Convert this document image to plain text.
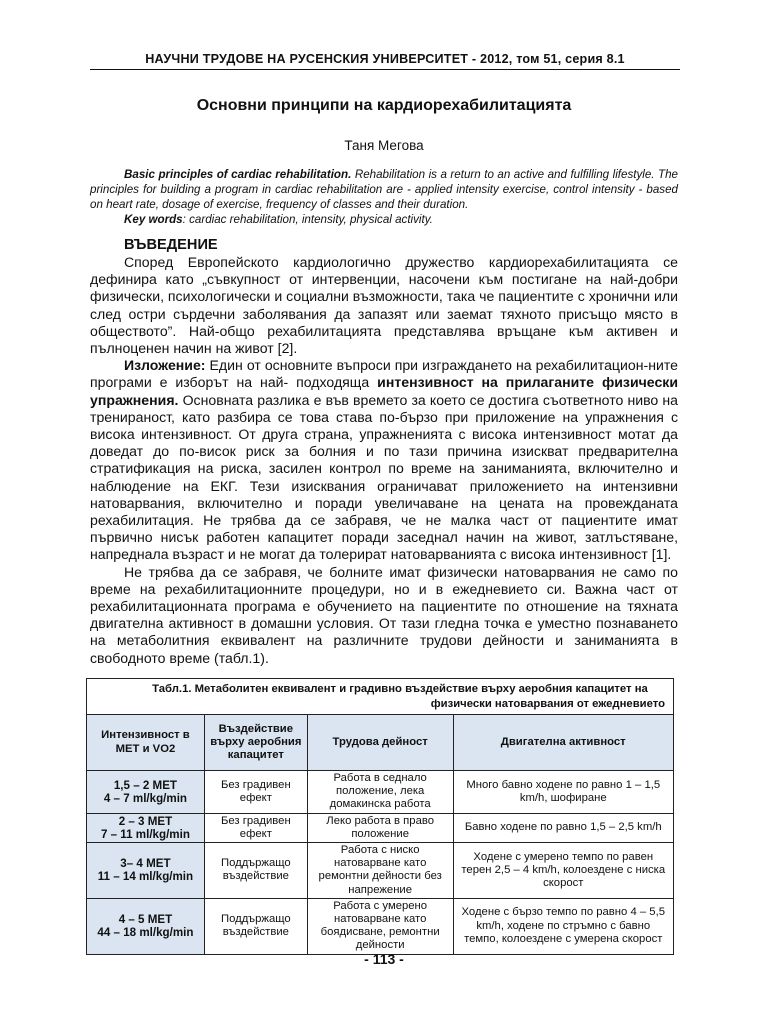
НАУЧНИ ТРУДОВЕ НА РУСЕНСКИЯ УНИВЕРСИТЕТ - 2012, том 51, серия 8.1
Основни принципи на кардиорехабилитацията
Таня Мегова

Basic principles of cardiac rehabilitation. Rehabilitation is a return to an active and fulfilling lifestyle. The principles for building a program in cardiac rehabilitation are - applied intensity exercise, control intensity - based on heart rate, dosage of exercise, frequency of classes and their duration.

Key words: cardiac rehabilitation, intensity, physical activity.

ВЪВЕДЕНИЕ

Според Европейското кардиологично дружество кардиорехабилитацията се дефинира като „съвкупност от интервенции, насочени към постигане на най-добри физически, психологически и социални възможности, така че пациентите с хронични или след остри сърдечни заболявания да запазят или заемат тяхното присъщо място в обществото”. Най-общо рехабилитацията представлява връщане към активен и пълноценен начин на живот [2].

Изложение: Един от основните въпроси при изграждането на рехабилитацион-ните програми е изборът на най- подходяща интензивност на прилаганите физически упражнения. Основната разлика е във времето за което се достига съответното ниво на тренираност, като разбира се това става по-бързо при приложение на упражнения с висока интензивност. От друга страна, упражненията с висока интензивност мотат да доведат до по-висок риск за болния и по тази причина изискват предварителна стратификация на риска, засилен контрол по време на заниманията, включително и наблюдение на ЕКГ. Тези изисквания ограничават приложението на интензивни натоварвания, включително и поради увеличаване на цената на провежданата рехабилитация. Не трябва да се забравя, че не малка част от пациентите имат първично нисък работен капацитет поради заседнал начин на живот, затлъстяване, напреднала възраст и не могат да толерират натоварванията с висока интензивност [1].

Не трябва да се забравя, че болните имат физически натоварвания не само по време на рехабилитационните процедури, но и в ежедневието си. Важна част от рехабилитационната програма е обучението на пациентите по отношение на тяхната двигателна активност в домашни условия. От тази гледна точка е уместно познаването на метаболитния еквивалент на различните трудови дейности и заниманията в свободното време (табл.1).

Табл.1. Метаболитен еквивалент и градивно въздействие върху аеробния капацитет на
физически натоварвания от ежедневието			
Интензивност в МЕТ и VO2	Въздействие върху аеробния капацитет	Трудова дейност	Двигателна активност
1,5 – 2 МЕТ
4 – 7 ml/kg/min	Без градивен ефект	Работа в седнало положение, лека домакинска работа	Много бавно ходене по равно 1 – 1,5 km/h, шофиране
2 – 3 МЕТ
7 – 11 ml/kg/min	Без градивен ефект	Леко работа в право положение	Бавно ходене по равно 1,5 – 2,5 km/h
3– 4 МЕТ
11 – 14 ml/kg/min	Поддържащо въздействие	Работа с ниско натоварване като ремонтни дейности без напрежение	Ходене с умерено темпо по равен терен 2,5 – 4 km/h, колоездене с ниска скорост
4 – 5 МЕТ
44 – 18 ml/kg/min	Поддържащо въздействие	Работа с умерено натоварване като боядисване, ремонтни дейности	Ходене с бързо темпо по равно 4 – 5,5 km/h, ходене по стръмно с бавно темпо, колоездене с умерена скорост
- 113 -
